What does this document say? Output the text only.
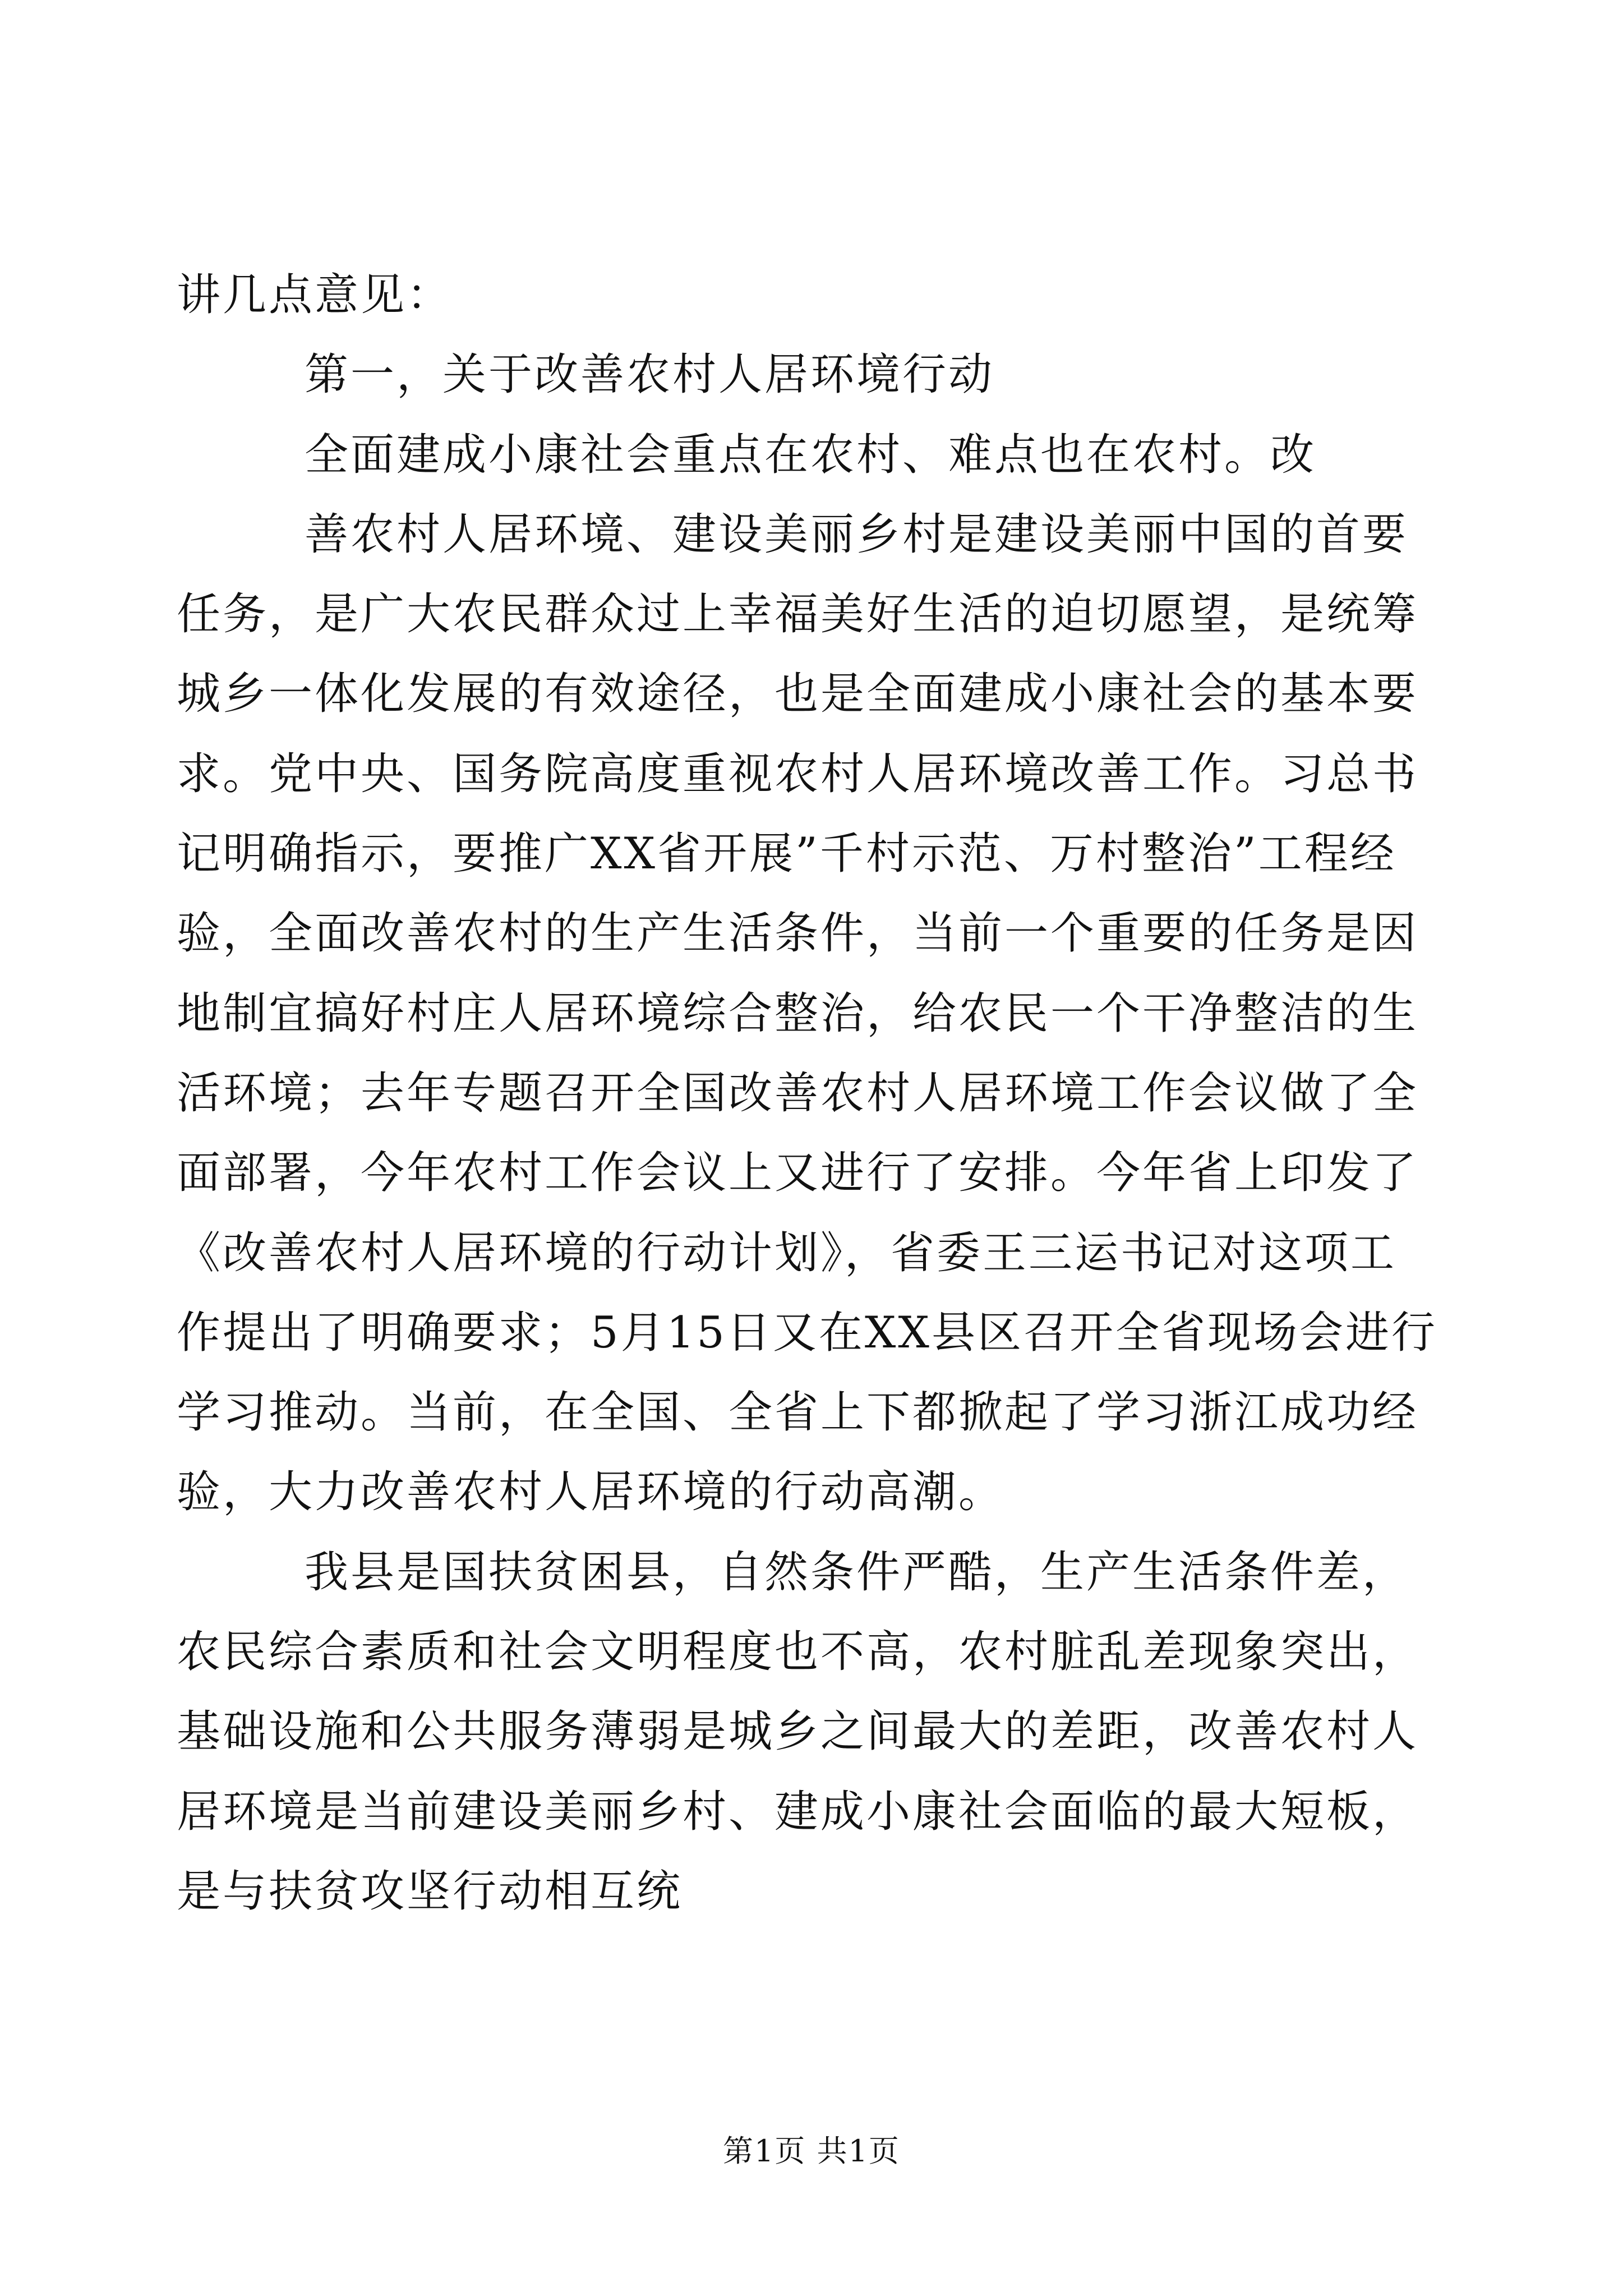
讲几点意见：

第一，关于改善农村人居环境行动

全面建成小康社会重点在农村、难点也在农村。改

善农村人居环境、建设美丽乡村是建设美丽中国的首要任务，是广大农民群众过上幸福美好生活的迫切愿望，是统筹城乡一体化发展的有效途径，也是全面建成小康社会的基本要求。党中央、国务院高度重视农村人居环境改善工作。习总书记明确指示，要推广XX省开展”千村示范、万村整治”工程经验，全面改善农村的生产生活条件，当前一个重要的任务是因地制宜搞好村庄人居环境综合整治，给农民一个干净整洁的生活环境；去年专题召开全国改善农村人居环境工作会议做了全面部署，今年农村工作会议上又进行了安排。今年省上印发了《改善农村人居环境的行动计划》，省委王三运书记对这项工作提出了明确要求；5月15日又在XX县区召开全省现场会进行学习推动。当前，在全国、全省上下都掀起了学习浙江成功经验，大力改善农村人居环境的行动高潮。

我县是国扶贫困县，自然条件严酷，生产生活条件差，农民综合素质和社会文明程度也不高，农村脏乱差现象突出，基础设施和公共服务薄弱是城乡之间最大的差距，改善农村人居环境是当前建设美丽乡村、建成小康社会面临的最大短板，是与扶贫攻坚行动相互统

第1页 共1页
